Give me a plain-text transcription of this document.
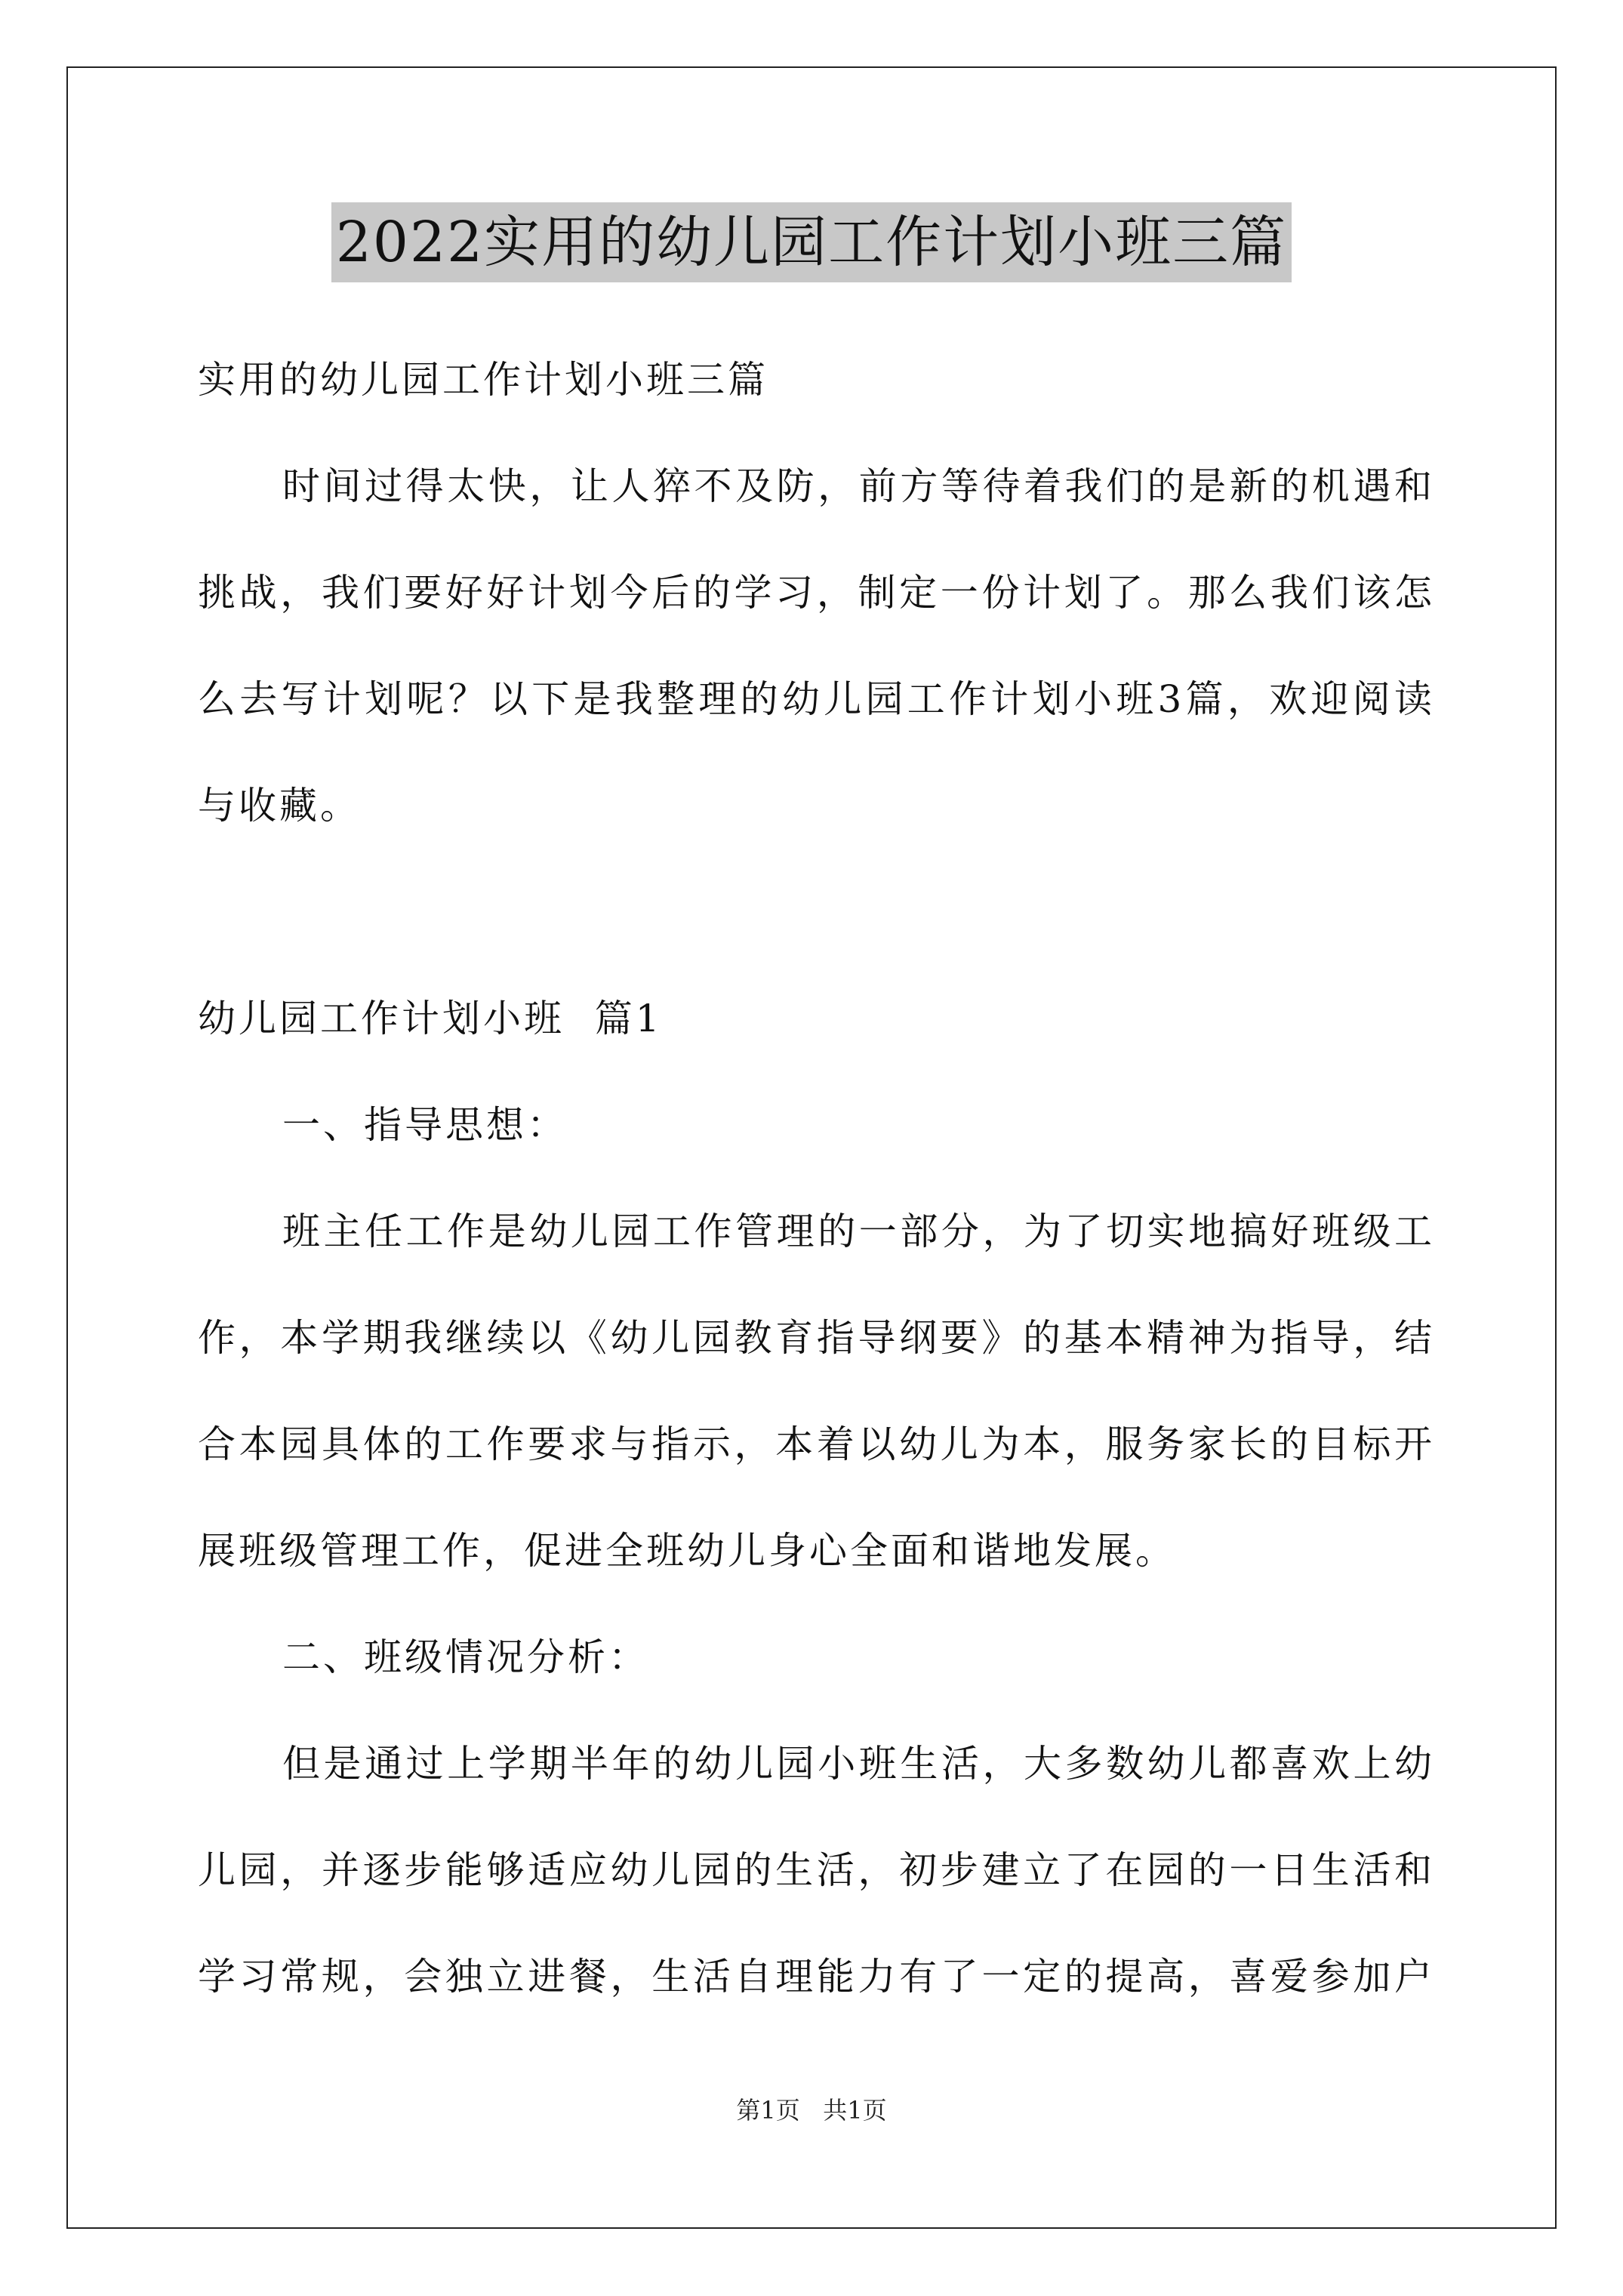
2022实用的幼儿园工作计划小班三篇
实用的幼儿园工作计划小班三篇
时间过得太快，让人猝不及防，前方等待着我们的是新的机遇和
挑战，我们要好好计划今后的学习，制定一份计划了。那么我们该怎
么去写计划呢？以下是我整理的幼儿园工作计划小班3篇，欢迎阅读
与收藏。
幼儿园工作计划小班  篇1
一、指导思想：
班主任工作是幼儿园工作管理的一部分，为了切实地搞好班级工
作，本学期我继续以《幼儿园教育指导纲要》的基本精神为指导，结
合本园具体的工作要求与指示，本着以幼儿为本，服务家长的目标开
展班级管理工作，促进全班幼儿身心全面和谐地发展。
二、班级情况分析：
但是通过上学期半年的幼儿园小班生活，大多数幼儿都喜欢上幼
儿园，并逐步能够适应幼儿园的生活，初步建立了在园的一日生活和
学习常规，会独立进餐，生活自理能力有了一定的提高，喜爱参加户
第1页   共1页
